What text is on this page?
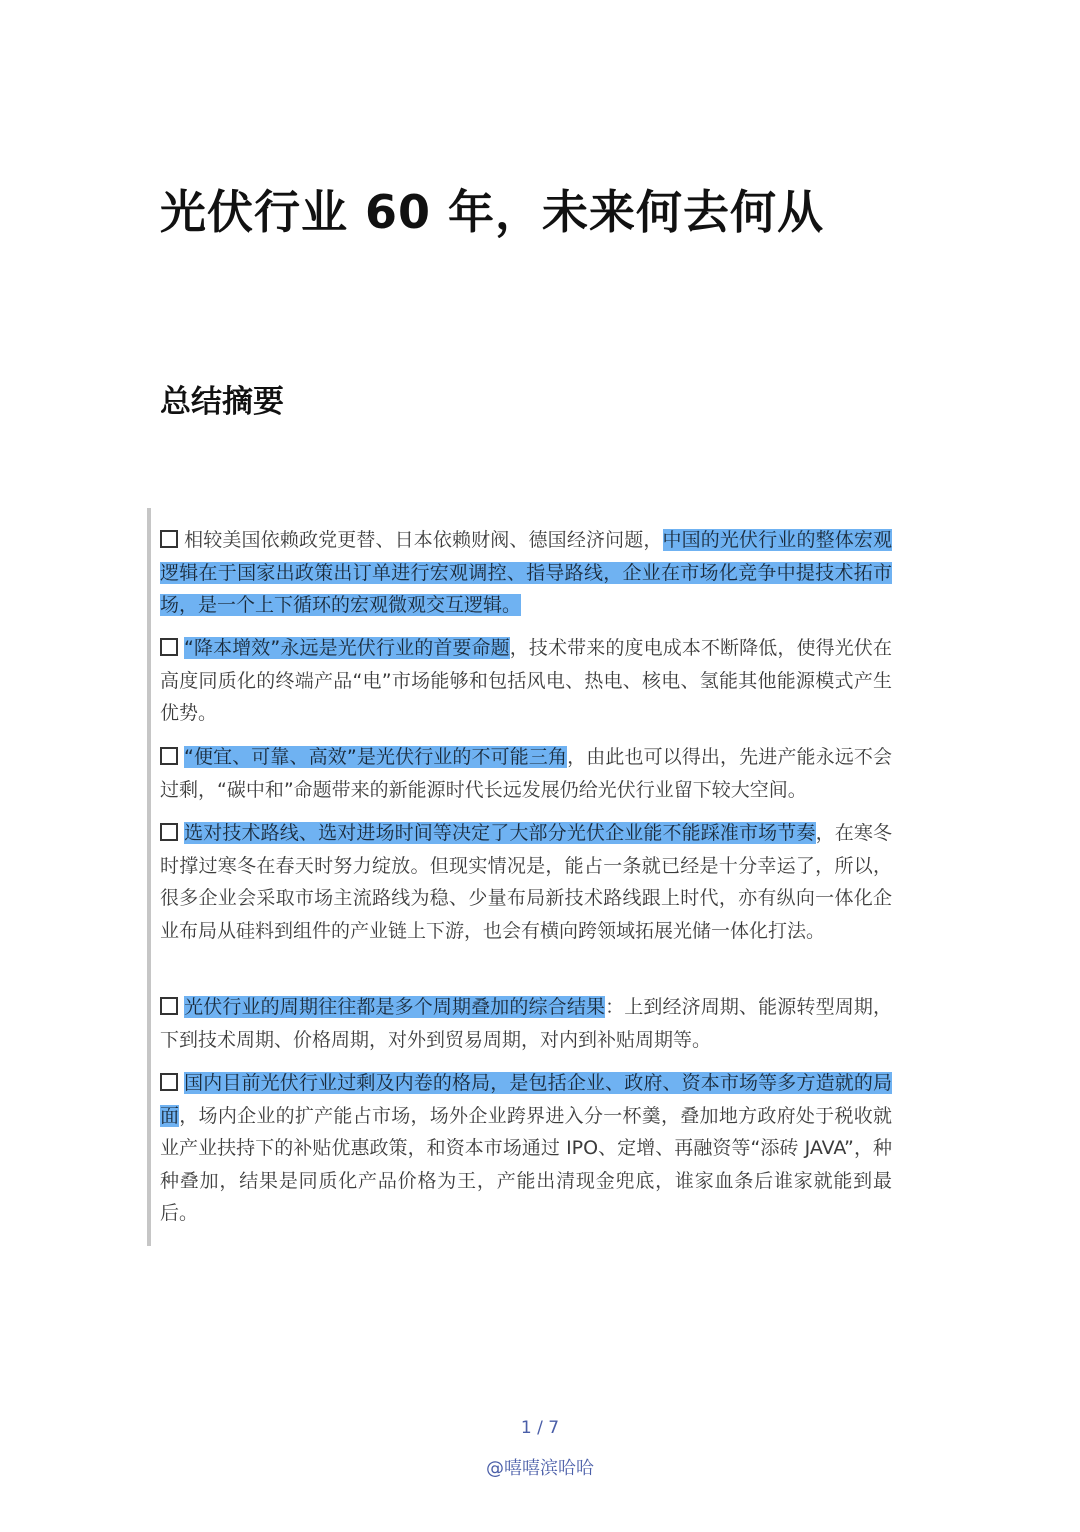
光伏行业 60 年，未来何去何从
总结摘要

相较美国依赖政党更替、日本依赖财阀、德国经济问题，中国的光伏行业的整体宏观逻辑在于国家出政策出订单进行宏观调控、指导路线，企业在市场化竞争中提技术拓市场，是一个上下循环的宏观微观交互逻辑。

“降本增效”永远是光伏行业的首要命题，技术带来的度电成本不断降低，使得光伏在高度同质化的终端产品“电”市场能够和包括风电、热电、核电、氢能其他能源模式产生优势。

“便宜、可靠、高效”是光伏行业的不可能三角，由此也可以得出，先进产能永远不会过剩，“碳中和”命题带来的新能源时代长远发展仍给光伏行业留下较大空间。

选对技术路线、选对进场时间等决定了大部分光伏企业能不能踩准市场节奏，在寒冬时撑过寒冬在春天时努力绽放。但现实情况是，能占一条就已经是十分幸运了，所以，很多企业会采取市场主流路线为稳、少量布局新技术路线跟上时代，亦有纵向一体化企业布局从硅料到组件的产业链上下游，也会有横向跨领域拓展光储一体化打法。

光伏行业的周期往往都是多个周期叠加的综合结果：上到经济周期、能源转型周期，下到技术周期、价格周期，对外到贸易周期，对内到补贴周期等。

国内目前光伏行业过剩及内卷的格局，是包括企业、政府、资本市场等多方造就的局面，场内企业的扩产能占市场，场外企业跨界进入分一杯羹，叠加地方政府处于税收就业产业扶持下的补贴优惠政策，和资本市场通过 IPO、定增、再融资等“添砖 JAVA”，种种叠加，结果是同质化产品价格为王，产能出清现金兜底，谁家血条后谁家就能到最后。

1 / 7
@嘻嘻滨哈哈
